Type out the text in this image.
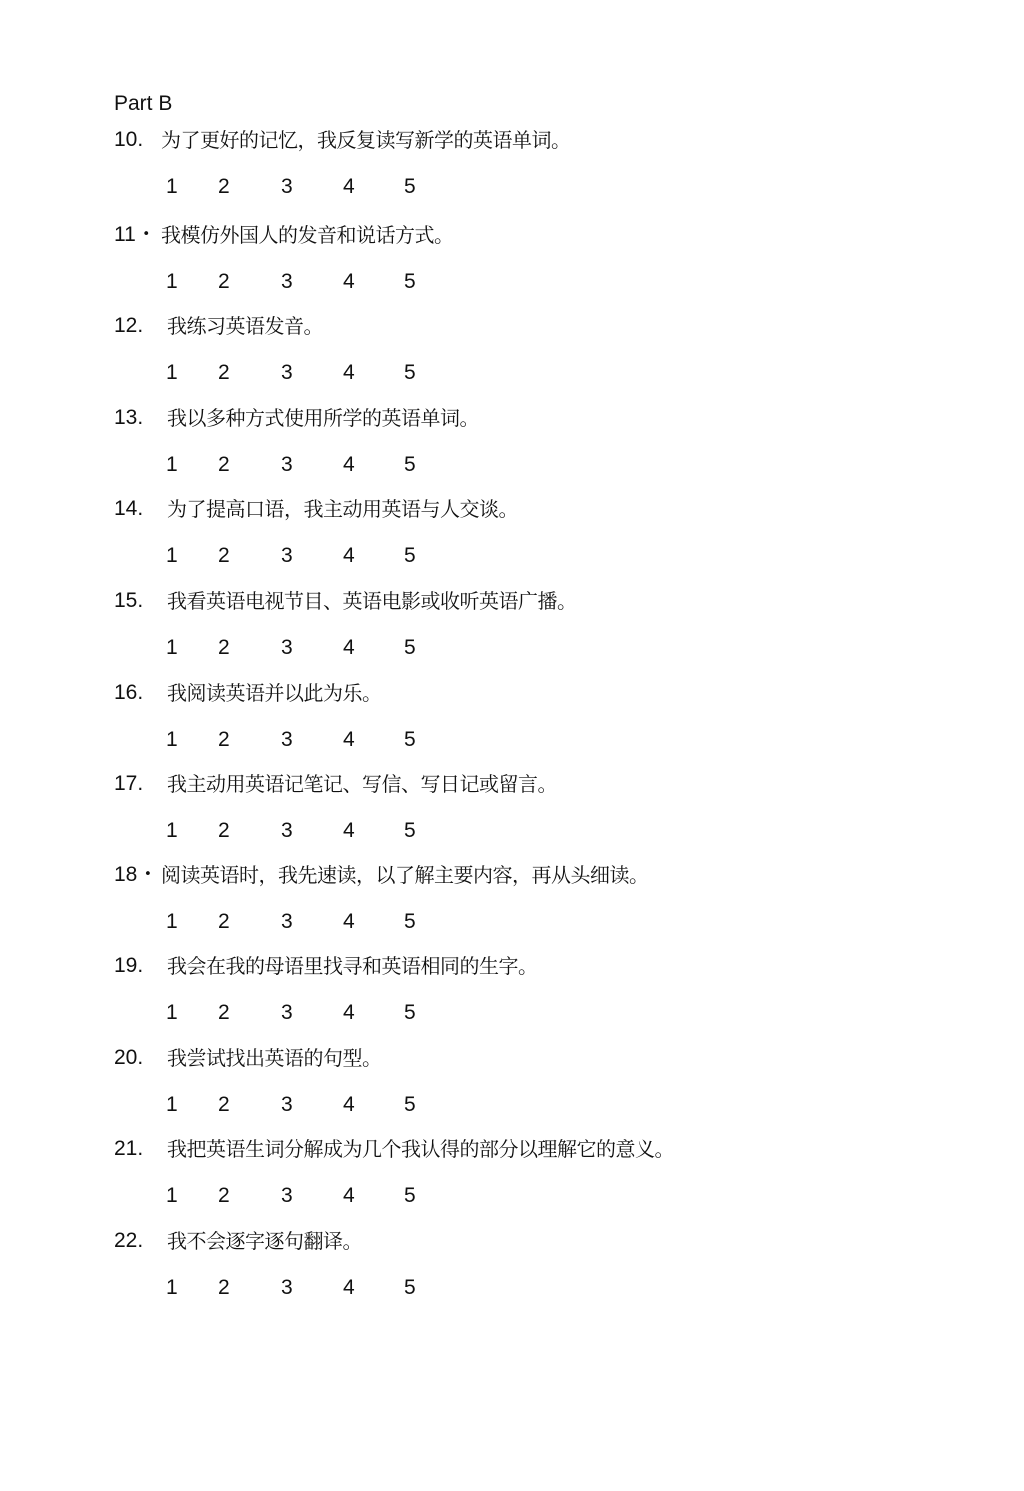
Part B
10. 为了更好的记忆，我反复读写新学的英语单词。
1 2 3 4 5
11・ 我模仿外国人的发音和说话方式。
1 2 3 4 5
12. 我练习英语发音。
1 2 3 4 5
13. 我以多种方式使用所学的英语单词。
1 2 3 4 5
14. 为了提高口语，我主动用英语与人交谈。
1 2 3 4 5
15. 我看英语电视节目、英语电影或收听英语广播。
1 2 3 4 5
16. 我阅读英语并以此为乐。
1 2 3 4 5
17. 我主动用英语记笔记、写信、写日记或留言。
1 2 3 4 5
18・ 阅读英语时，我先速读，以了解主要内容，再从头细读。
1 2 3 4 5
19. 我会在我的母语里找寻和英语相同的生字。
1 2 3 4 5
20. 我尝试找出英语的句型。
1 2 3 4 5
21. 我把英语生词分解成为几个我认得的部分以理解它的意义。
1 2 3 4 5
22. 我不会逐字逐句翻译。
1 2 3 4 5
